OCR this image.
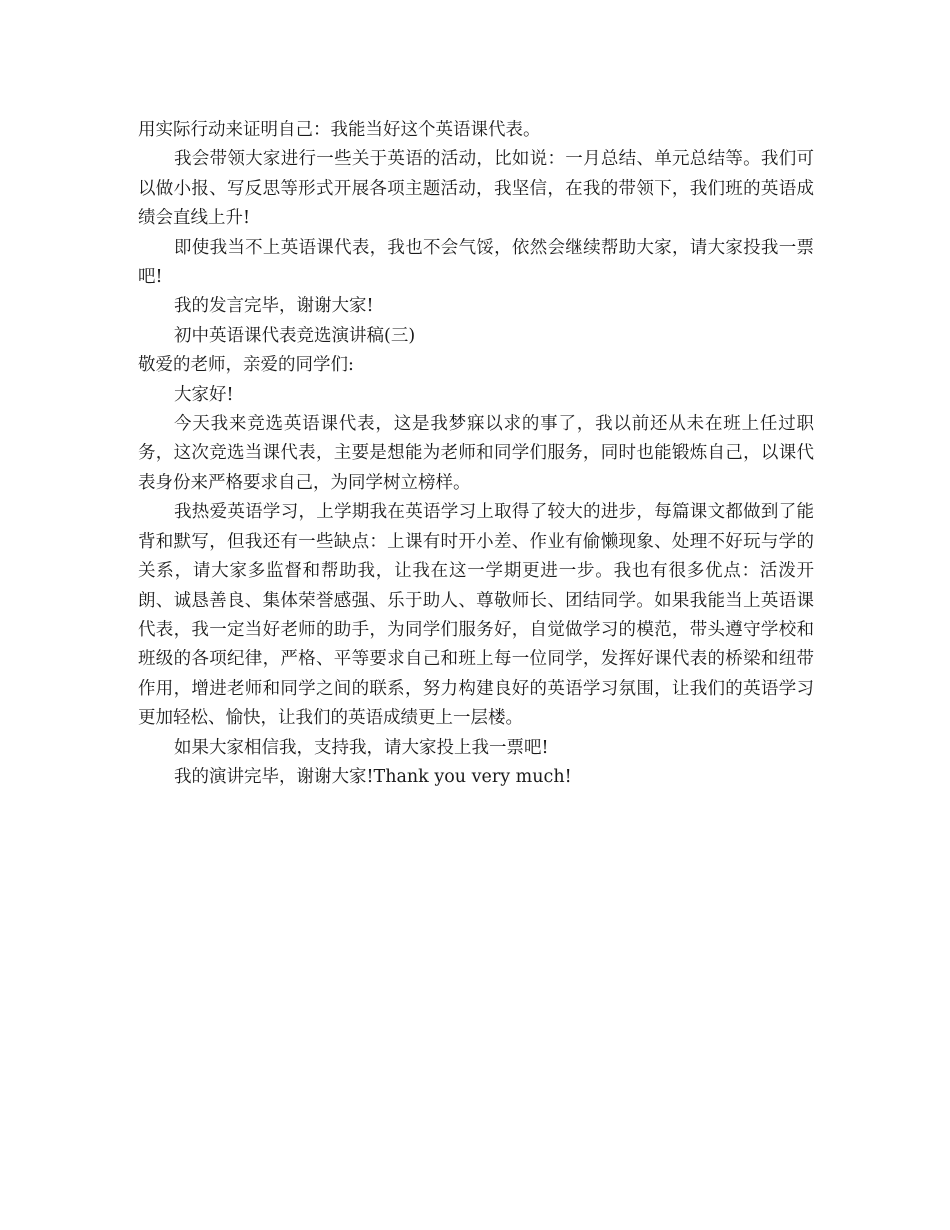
用实际行动来证明自己：我能当好这个英语课代表。

我会带领大家进行一些关于英语的活动，比如说：一月总结、单元总结等。我们可以做小报、写反思等形式开展各项主题活动，我坚信，在我的带领下，我们班的英语成绩会直线上升!

即使我当不上英语课代表，我也不会气馁，依然会继续帮助大家，请大家投我一票吧!

我的发言完毕，谢谢大家!

初中英语课代表竞选演讲稿(三)

敬爱的老师，亲爱的同学们:

大家好!

今天我来竞选英语课代表，这是我梦寐以求的事了，我以前还从未在班上任过职务，这次竞选当课代表，主要是想能为老师和同学们服务，同时也能锻炼自己，以课代表身份来严格要求自己，为同学树立榜样。

我热爱英语学习，上学期我在英语学习上取得了较大的进步，每篇课文都做到了能背和默写，但我还有一些缺点：上课有时开小差、作业有偷懒现象、处理不好玩与学的关系，请大家多监督和帮助我，让我在这一学期更进一步。我也有很多优点：活泼开朗、诚恳善良、集体荣誉感强、乐于助人、尊敬师长、团结同学。如果我能当上英语课代表，我一定当好老师的助手，为同学们服务好，自觉做学习的模范，带头遵守学校和班级的各项纪律，严格、平等要求自己和班上每一位同学，发挥好课代表的桥梁和纽带作用，增进老师和同学之间的联系，努力构建良好的英语学习氛围，让我们的英语学习更加轻松、愉快，让我们的英语成绩更上一层楼。

如果大家相信我，支持我，请大家投上我一票吧!

我的演讲完毕，谢谢大家!Thank you very much!
